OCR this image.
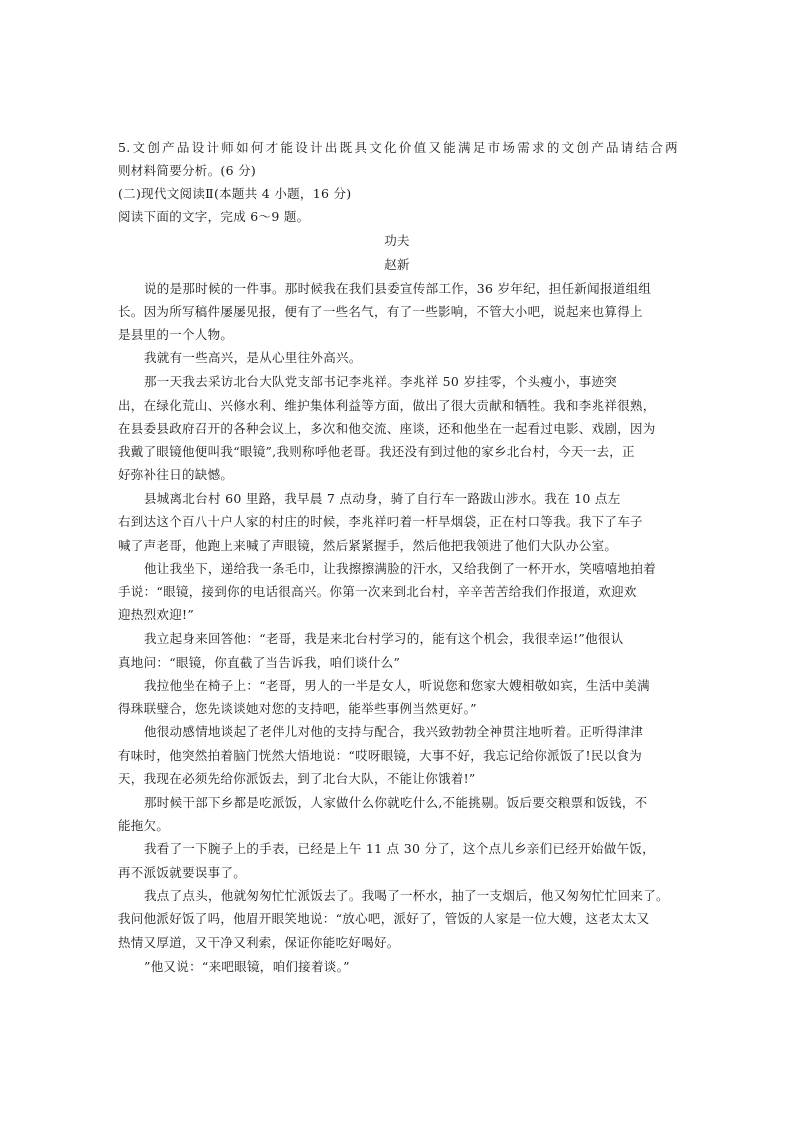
5.文创产品设计师如何才能设计出既具文化价值又能满足市场需求的文创产品请结合两
则材料简要分析。(6 分)
(二)现代文阅读Ⅱ(本题共 4 小题，16 分)
阅读下面的文字，完成 6～9 题。
功夫
赵新
说的是那时候的一件事。那时候我在我们县委宣传部工作，36 岁年纪，担任新闻报道组组
长。因为所写稿件屡屡见报，便有了一些名气，有了一些影响，不管大小吧，说起来也算得上
是县里的一个人物。
我就有一些高兴，是从心里往外高兴。
那一天我去采访北台大队党支部书记李兆祥。李兆祥 50 岁挂零，个头瘦小，事迹突
出，在绿化荒山、兴修水利、维护集体利益等方面，做出了很大贡献和牺牲。我和李兆祥很熟，
在县委县政府召开的各种会议上，多次和他交流、座谈，还和他坐在一起看过电影、戏剧，因为
我戴了眼镜他便叫我“眼镜”,我则称呼他老哥。我还没有到过他的家乡北台村，今天一去，正
好弥补往日的缺憾。
县城离北台村 60 里路，我早晨 7 点动身，骑了自行车一路跋山涉水。我在 10 点左
右到达这个百八十户人家的村庄的时候，李兆祥叼着一杆旱烟袋，正在村口等我。我下了车子
喊了声老哥，他跑上来喊了声眼镜，然后紧紧握手，然后他把我领进了他们大队办公室。
他让我坐下，递给我一条毛巾，让我擦擦满脸的汗水，又给我倒了一杯开水，笑嘻嘻地拍着
手说：“眼镜，接到你的电话很高兴。你第一次来到北台村，辛辛苦苦给我们作报道，欢迎欢
迎热烈欢迎!”
我立起身来回答他：“老哥，我是来北台村学习的，能有这个机会，我很幸运!”他很认
真地问：“眼镜，你直截了当告诉我，咱们谈什么”
我拉他坐在椅子上：“老哥，男人的一半是女人，听说您和您家大嫂相敬如宾，生活中美满
得珠联璧合，您先谈谈她对您的支持吧，能举些事例当然更好。”
他很动感情地谈起了老伴儿对他的支持与配合，我兴致勃勃全神贯注地听着。正听得津津
有味时，他突然拍着脑门恍然大悟地说：“哎呀眼镜，大事不好，我忘记给你派饭了!民以食为
天，我现在必须先给你派饭去，到了北台大队，不能让你饿着!”
那时候干部下乡都是吃派饭，人家做什么你就吃什么,不能挑剔。饭后要交粮票和饭钱，不
能拖欠。
我看了一下腕子上的手表，已经是上午 11 点 30 分了，这个点儿乡亲们已经开始做午饭，
再不派饭就要误事了。
我点了点头，他就匆匆忙忙派饭去了。我喝了一杯水，抽了一支烟后，他又匆匆忙忙回来了。
我问他派好饭了吗，他眉开眼笑地说：“放心吧，派好了，管饭的人家是一位大嫂，这老太太又
热情又厚道，又干净又利索，保证你能吃好喝好。
”他又说：“来吧眼镜，咱们接着谈。”
